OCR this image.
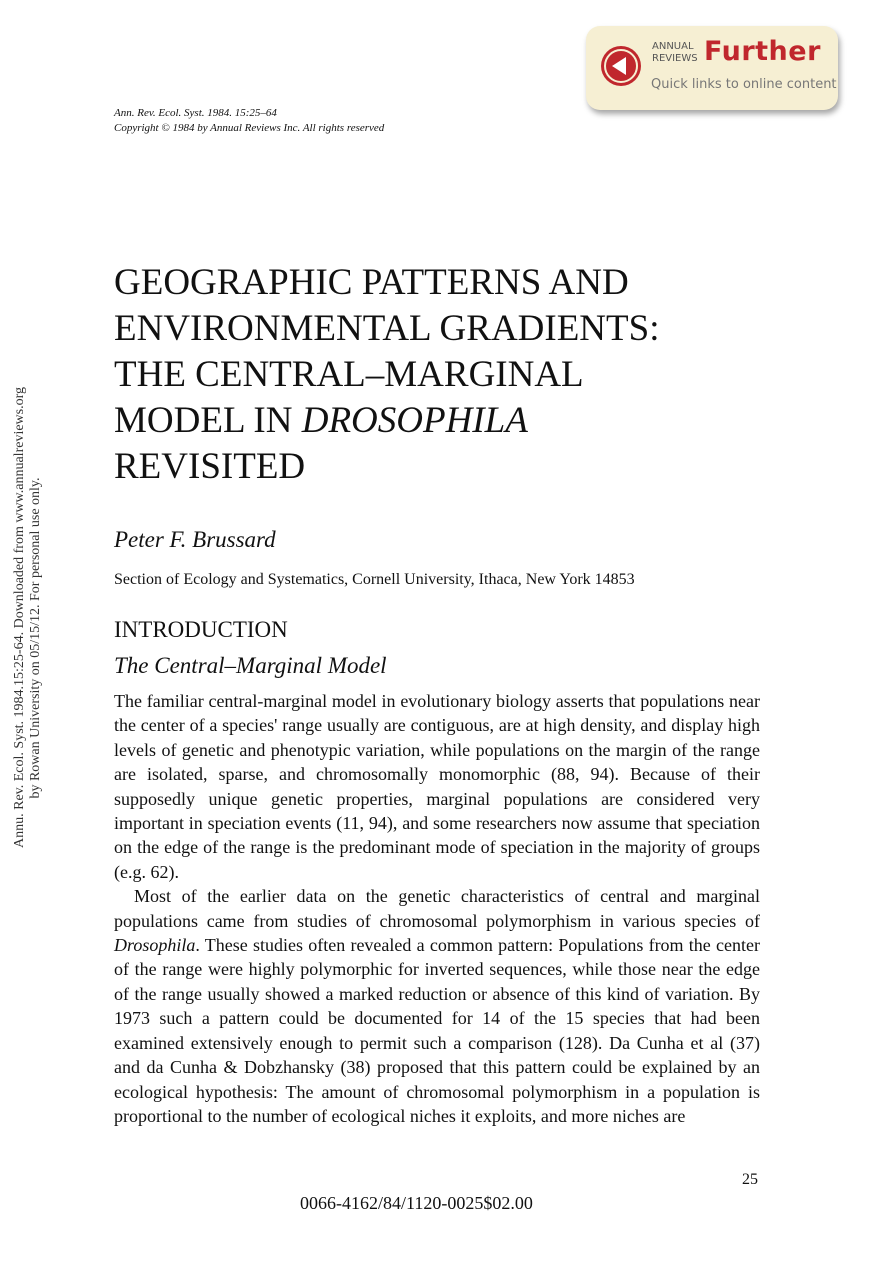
Annu. Rev. Ecol. Syst. 1984.15:25-64. Downloaded from www.annualreviews.org by Rowan University on 05/15/12. For personal use only.
ANNUAL
REVIEWS Further
Quick links to online content
Ann. Rev. Ecol. Syst. 1984. 15:25–64
Copyright © 1984 by Annual Reviews Inc. All rights reserved
GEOGRAPHIC PATTERNS AND
ENVIRONMENTAL GRADIENTS:
THE CENTRAL–MARGINAL
MODEL IN DROSOPHILA
REVISITED
Peter F. Brussard
Section of Ecology and Systematics, Cornell University, Ithaca, New York 14853
INTRODUCTION
The Central–Marginal Model

The familiar central-marginal model in evolutionary biology asserts that populations near the center of a species' range usually are contiguous, are at high density, and display high levels of genetic and phenotypic variation, while populations on the margin of the range are isolated, sparse, and chromosomally monomorphic (88, 94). Because of their supposedly unique genetic properties, marginal populations are considered very important in speciation events (11, 94), and some researchers now assume that speciation on the edge of the range is the predominant mode of speciation in the majority of groups (e.g. 62).

Most of the earlier data on the genetic characteristics of central and marginal populations came from studies of chromosomal polymorphism in various species of Drosophila. These studies often revealed a common pattern: Populations from the center of the range were highly polymorphic for inverted sequences, while those near the edge of the range usually showed a marked reduction or absence of this kind of variation. By 1973 such a pattern could be documented for 14 of the 15 species that had been examined extensively enough to permit such a comparison (128). Da Cunha et al (37) and da Cunha & Dobzhansky (38) proposed that this pattern could be explained by an ecological hypothesis: The amount of chromosomal polymorphism in a population is proportional to the number of ecological niches it exploits, and more niches are

25
0066-4162/84/1120-0025$02.00
